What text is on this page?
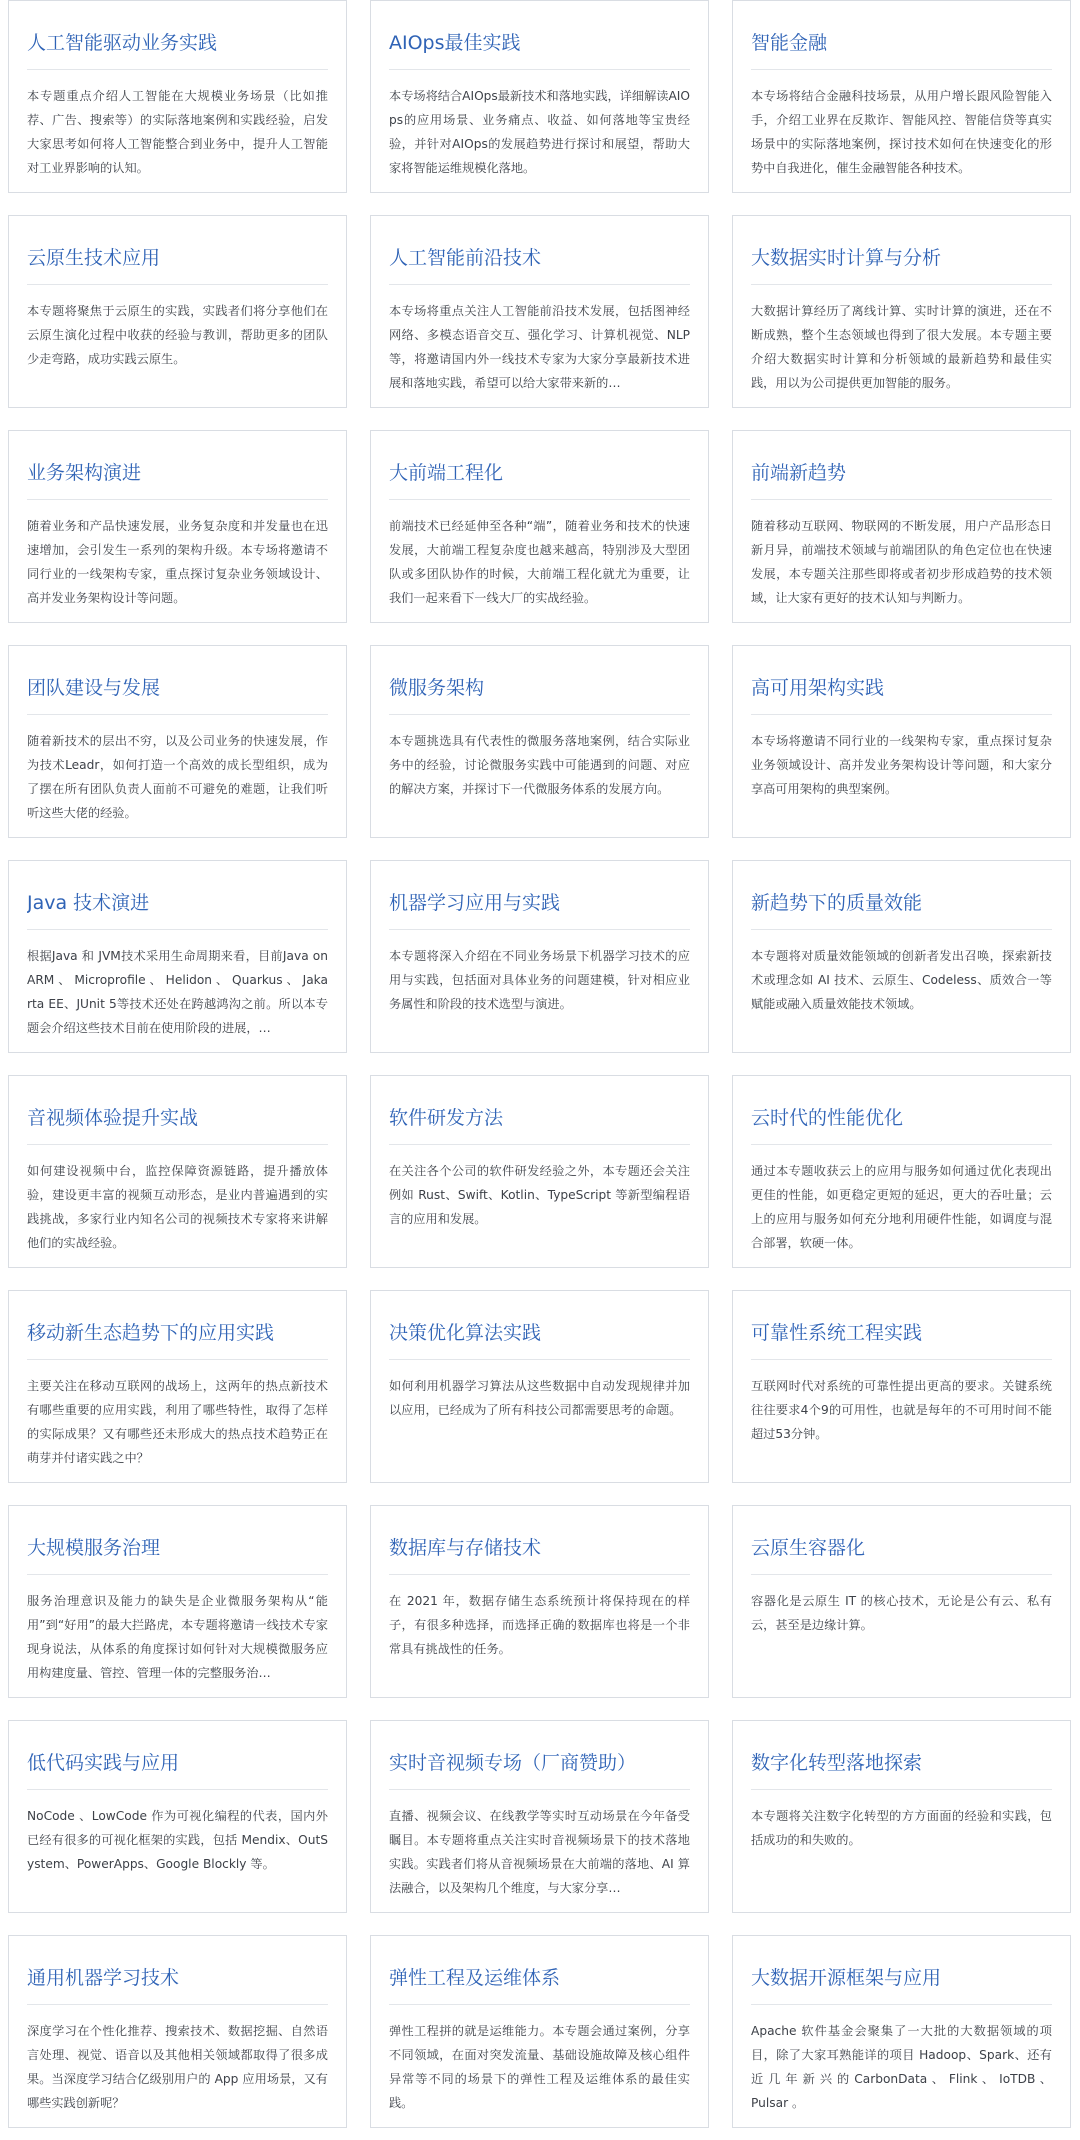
人工智能驱动业务实践
本专题重点介绍人工智能在大规模业务场景（比如推荐、广告、搜索等）的实际落地案例和实践经验，启发大家思考如何将人工智能整合到业务中，提升人工智能对工业界影响的认知。
AIOps最佳实践
本专场将结合AIOps最新技术和落地实践，详细解读AIOps的应用场景、业务痛点、收益、如何落地等宝贵经验，并针对AIOps的发展趋势进行探讨和展望，帮助大家将智能运维规模化落地。
智能金融
本专场将结合金融科技场景，从用户增长跟风险智能入手，介绍工业界在反欺诈、智能风控、智能信贷等真实场景中的实际落地案例，探讨技术如何在快速变化的形势中自我进化，催生金融智能各种技术。
云原生技术应用
本专题将聚焦于云原生的实践，实践者们将分享他们在云原生演化过程中收获的经验与教训，帮助更多的团队少走弯路，成功实践云原生。
人工智能前沿技术
本专场将重点关注人工智能前沿技术发展，包括图神经网络、多模态语音交互、强化学习、计算机视觉、NLP等，将邀请国内外一线技术专家为大家分享最新技术进展和落地实践，希望可以给大家带来新的…
大数据实时计算与分析
大数据计算经历了离线计算、实时计算的演进，还在不断成熟，整个生态领域也得到了很大发展。本专题主要介绍大数据实时计算和分析领域的最新趋势和最佳实践，用以为公司提供更加智能的服务。
业务架构演进
随着业务和产品快速发展，业务复杂度和并发量也在迅速增加，会引发生一系列的架构升级。本专场将邀请不同行业的一线架构专家，重点探讨复杂业务领域设计、高并发业务架构设计等问题。
大前端工程化
前端技术已经延伸至各种“端”，随着业务和技术的快速发展，大前端工程复杂度也越来越高，特别涉及大型团队或多团队协作的时候，大前端工程化就尤为重要，让我们一起来看下一线大厂的实战经验。
前端新趋势
随着移动互联网、物联网的不断发展，用户产品形态日新月异，前端技术领域与前端团队的角色定位也在快速发展，本专题关注那些即将或者初步形成趋势的技术领域，让大家有更好的技术认知与判断力。
团队建设与发展
随着新技术的层出不穷，以及公司业务的快速发展，作为技术Leadr，如何打造一个高效的成长型组织，成为了摆在所有团队负责人面前不可避免的难题，让我们听听这些大佬的经验。
微服务架构
本专题挑选具有代表性的微服务落地案例，结合实际业务中的经验，讨论微服务实践中可能遇到的问题、对应的解决方案，并探讨下一代微服务体系的发展方向。
高可用架构实践
本专场将邀请不同行业的一线架构专家，重点探讨复杂业务领域设计、高并发业务架构设计等问题，和大家分享高可用架构的典型案例。
Java 技术演进
根据Java 和 JVM技术采用生命周期来看，目前Java on ARM 、 Microprofile 、 Helidon 、 Quarkus 、 Jakarta EE、JUnit 5等技术还处在跨越鸿沟之前。所以本专题会介绍这些技术目前在使用阶段的进展，…
机器学习应用与实践
本专题将深入介绍在不同业务场景下机器学习技术的应用与实践，包括面对具体业务的问题建模，针对相应业务属性和阶段的技术选型与演进。
新趋势下的质量效能
本专题将对质量效能领域的创新者发出召唤，探索新技术或理念如 AI 技术、云原生、Codeless、质效合一等赋能或融入质量效能技术领域。
音视频体验提升实战
如何建设视频中台，监控保障资源链路，提升播放体验，建设更丰富的视频互动形态，是业内普遍遇到的实践挑战，多家行业内知名公司的视频技术专家将来讲解他们的实战经验。
软件研发方法
在关注各个公司的软件研发经验之外，本专题还会关注例如 Rust、Swift、Kotlin、TypeScript 等新型编程语言的应用和发展。
云时代的性能优化
通过本专题收获云上的应用与服务如何通过优化表现出更佳的性能，如更稳定更短的延迟，更大的吞吐量；云上的应用与服务如何充分地利用硬件性能，如调度与混合部署，软硬一体。
移动新生态趋势下的应用实践
主要关注在移动互联网的战场上，这两年的热点新技术有哪些重要的应用实践，利用了哪些特性，取得了怎样的实际成果？又有哪些还未形成大的热点技术趋势正在萌芽并付诸实践之中？
决策优化算法实践
如何利用机器学习算法从这些数据中自动发现规律并加以应用，已经成为了所有科技公司都需要思考的命题。
可靠性系统工程实践
互联网时代对系统的可靠性提出更高的要求。关键系统往往要求4个9的可用性，也就是每年的不可用时间不能超过53分钟。
大规模服务治理
服务治理意识及能力的缺失是企业微服务架构从“能用”到“好用”的最大拦路虎，本专题将邀请一线技术专家现身说法，从体系的角度探讨如何针对大规模微服务应用构建度量、管控、管理一体的完整服务治…
数据库与存储技术
在 2021 年，数据存储生态系统预计将保持现在的样子，有很多种选择，而选择正确的数据库也将是一个非常具有挑战性的任务。
云原生容器化
容器化是云原生 IT 的核心技术，无论是公有云、私有云，甚至是边缘计算。
低代码实践与应用
NoCode 、LowCode 作为可视化编程的代表，国内外已经有很多的可视化框架的实践，包括 Mendix、OutSystem、PowerApps、Google Blockly 等。
实时音视频专场（厂商赞助）
直播、视频会议、在线教学等实时互动场景在今年备受瞩目。本专题将重点关注实时音视频场景下的技术落地实践。实践者们将从音视频场景在大前端的落地、AI 算法融合，以及架构几个维度，与大家分享…
数字化转型落地探索
本专题将关注数字化转型的方方面面的经验和实践，包括成功的和失败的。
通用机器学习技术
深度学习在个性化推荐、搜索技术、数据挖掘、自然语言处理、视觉、语音以及其他相关领域都取得了很多成果。当深度学习结合亿级别用户的 App 应用场景，又有哪些实践创新呢？
弹性工程及运维体系
弹性工程拼的就是运维能力。本专题会通过案例，分享不同领域，在面对突发流量、基础设施故障及核心组件异常等不同的场景下的弹性工程及运维体系的最佳实践。
大数据开源框架与应用
Apache 软件基金会聚集了一大批的大数据领域的项目，除了大家耳熟能详的项目 Hadoop、Spark、还有 近 几 年 新 兴 的 CarbonData 、 Flink 、 IoTDB 、 Pulsar 。
